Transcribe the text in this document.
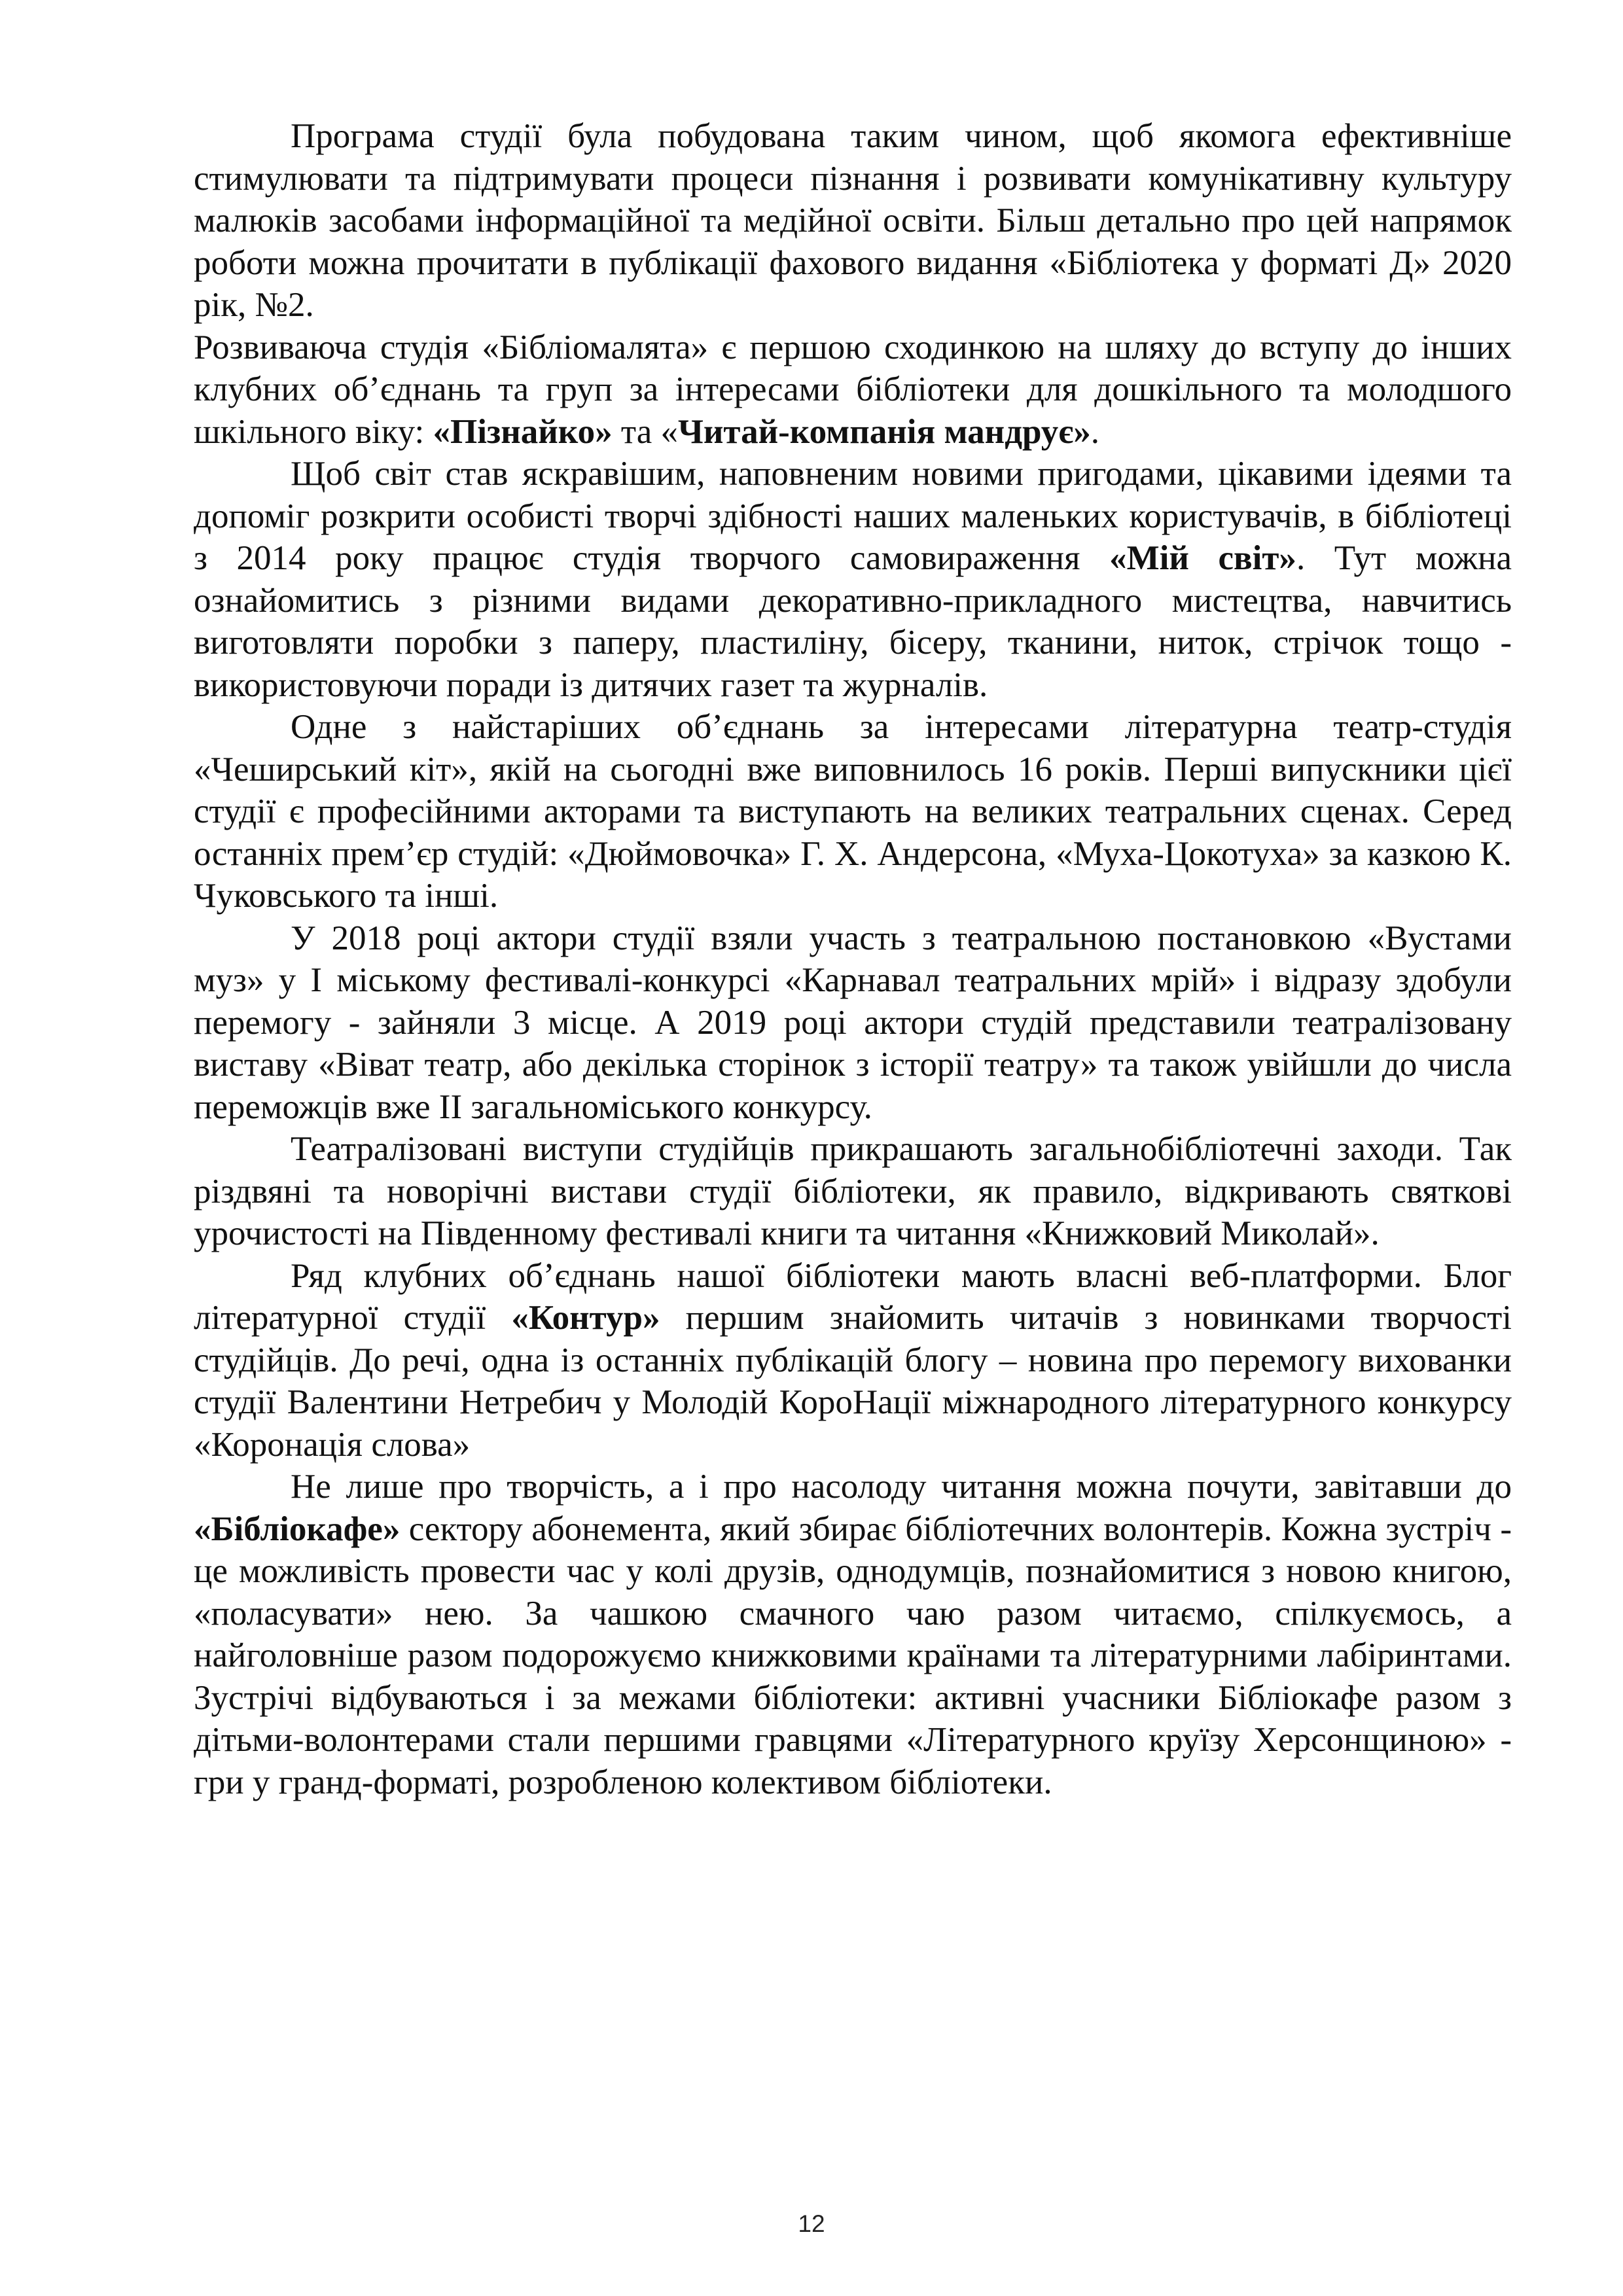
Програма студії була побудована таким чином, щоб якомога ефективніше стимулювати та підтримувати процеси пізнання і розвивати комунікативну культуру малюків засобами інформаційної та медійної освіти. Більш детально про цей напрямок роботи можна прочитати в публікації фахового видання «Бібліотека у форматі Д» 2020 рік, №2.

Розвиваюча студія «Бібліомалята» є першою сходинкою на шляху до вступу до інших клубних об’єднань та груп за інтересами бібліотеки для дошкільного та молодшого шкільного віку: «Пізнайко» та «Читай-компанія мандрує».

Щоб світ став яскравішим, наповненим новими пригодами, цікавими ідеями та допоміг розкрити особисті творчі здібності наших маленьких користувачів, в бібліотеці з 2014 року працює студія творчого самовираження «Мій світ». Тут можна ознайомитись з різними видами декоративно-прикладного мистецтва, навчитись виготовляти поробки з паперу, пластиліну, бісеру, тканини, ниток, стрічок тощо - використовуючи поради із дитячих газет та журналів.

Одне з найстаріших об’єднань за інтересами літературна театр-студія «Чеширський кіт», якій на сьогодні вже виповнилось 16 років. Перші випускники цієї студії є професійними акторами та виступають на великих театральних сценах. Серед останніх прем’єр студій: «Дюймовочка» Г. Х. Андерсона, «Муха-Цокотуха» за казкою К. Чуковського та інші.

У 2018 році актори студії взяли участь з театральною постановкою «Вустами муз» у І міському фестивалі-конкурсі «Карнавал театральних мрій» і відразу здобули перемогу - зайняли 3 місце. А 2019 році актори студій представили театралізовану виставу «Віват театр, або декілька сторінок з історії театру» та також увійшли до числа переможців вже ІІ загальноміського конкурсу.

Театралізовані виступи студійців прикрашають загальнобібліотечні заходи. Так різдвяні та новорічні вистави студії бібліотеки, як правило, відкривають святкові урочистості на Південному фестивалі книги та читання «Книжковий Миколай».

Ряд клубних об’єднань нашої бібліотеки мають власні веб-платформи. Блог літературної студії «Контур» першим знайомить читачів з новинками творчості студійців. До речі, одна із останніх публікацій блогу – новина про перемогу вихованки студії Валентини Нетребич у Молодій КороНації міжнародного літературного конкурсу «Коронація слова»

Не лише про творчість, а і про насолоду читання можна почути, завітавши до «Бібліокафе» сектору абонемента, який збирає бібліотечних волонтерів. Кожна зустріч - це можливість провести час у колі друзів, однодумців, познайомитися з новою книгою, «поласувати» нею. За чашкою смачного чаю разом читаємо, спілкуємось, а найголовніше разом подорожуємо книжковими країнами та літературними лабіринтами. Зустрічі відбуваються і за межами бібліотеки: активні учасники Бібліокафе разом з дітьми-волонтерами стали першими гравцями «Літературного круїзу Херсонщиною» - гри у гранд-форматі, розробленою колективом бібліотеки.

12
